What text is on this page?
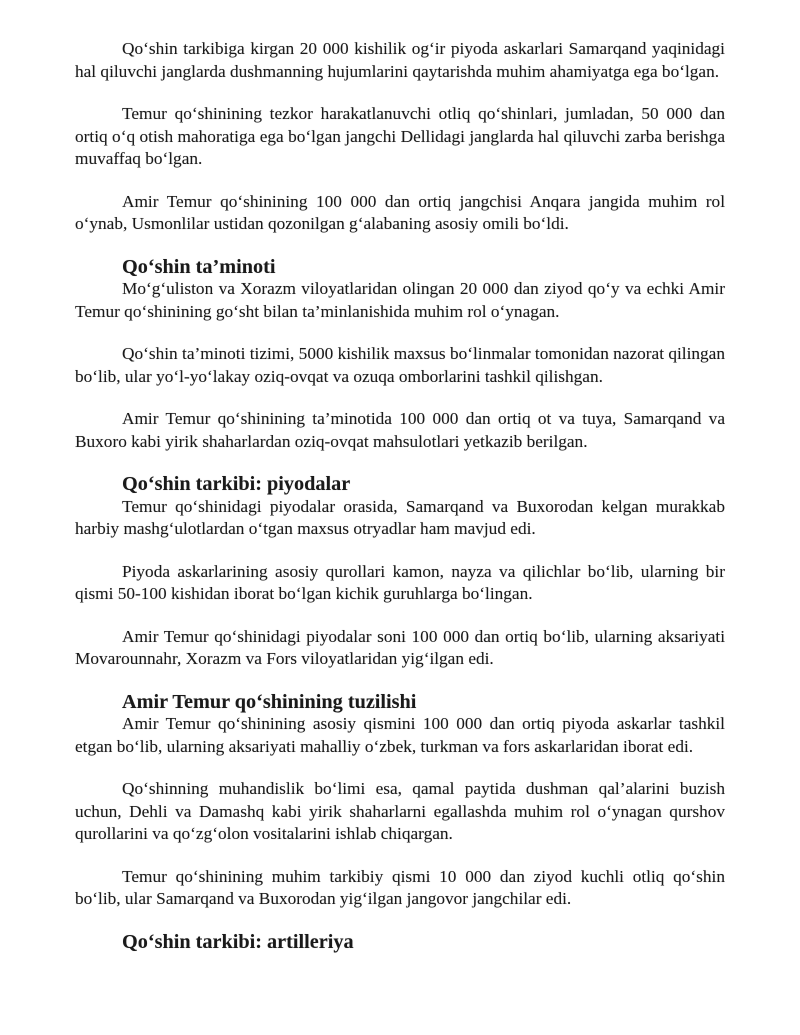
Qo‘shin tarkibiga kirgan 20 000 kishilik og‘ir piyoda askarlari Samarqand yaqinidagi hal qiluvchi janglarda dushmanning hujumlarini qaytarishda muhim ahamiyatga ega bo‘lgan.

Temur qo‘shinining tezkor harakatlanuvchi otliq qo‘shinlari, jumladan, 50 000 dan ortiq o‘q otish mahoratiga ega bo‘lgan jangchi Dellidagi janglarda hal qiluvchi zarba berishga muvaffaq bo‘lgan.

Amir Temur qo‘shinining 100 000 dan ortiq jangchisi Anqara jangida muhim rol o‘ynab, Usmonlilar ustidan qozonilgan g‘alabaning asosiy omili bo‘ldi.

Qo‘shin ta’minoti

Mo‘g‘uliston va Xorazm viloyatlaridan olingan 20 000 dan ziyod qo‘y va echki Amir Temur qo‘shinining go‘sht bilan ta’minlanishida muhim rol o‘ynagan.

Qo‘shin ta’minoti tizimi, 5000 kishilik maxsus bo‘linmalar tomonidan nazorat qilingan bo‘lib, ular yo‘l-yo‘lakay oziq-ovqat va ozuqa omborlarini tashkil qilishgan.

Amir Temur qo‘shinining ta’minotida 100 000 dan ortiq ot va tuya, Samarqand va Buxoro kabi yirik shaharlardan oziq-ovqat mahsulotlari yetkazib berilgan.

Qo‘shin tarkibi: piyodalar

Temur qo‘shinidagi piyodalar orasida, Samarqand va Buxorodan kelgan murakkab harbiy mashg‘ulotlardan o‘tgan maxsus otryadlar ham mavjud edi.

Piyoda askarlarining asosiy qurollari kamon, nayza va qilichlar bo‘lib, ularning bir qismi 50-100 kishidan iborat bo‘lgan kichik guruhlarga bo‘lingan.

Amir Temur qo‘shinidagi piyodalar soni 100 000 dan ortiq bo‘lib, ularning aksariyati Movarounnahr, Xorazm va Fors viloyatlaridan yig‘ilgan edi.

Amir Temur qo‘shinining tuzilishi

Amir Temur qo‘shinining asosiy qismini 100 000 dan ortiq piyoda askarlar tashkil etgan bo‘lib, ularning aksariyati mahalliy o‘zbek, turkman va fors askarlaridan iborat edi.

Qo‘shinning muhandislik bo‘limi esa, qamal paytida dushman qal’alarini buzish uchun, Dehli va Damashq kabi yirik shaharlarni egallashda muhim rol o‘ynagan qurshov qurollarini va qo‘zg‘olon vositalarini ishlab chiqargan.

Temur qo‘shinining muhim tarkibiy qismi 10 000 dan ziyod kuchli otliq qo‘shin bo‘lib, ular Samarqand va Buxorodan yig‘ilgan jangovor jangchilar edi.

Qo‘shin tarkibi: artilleriya
